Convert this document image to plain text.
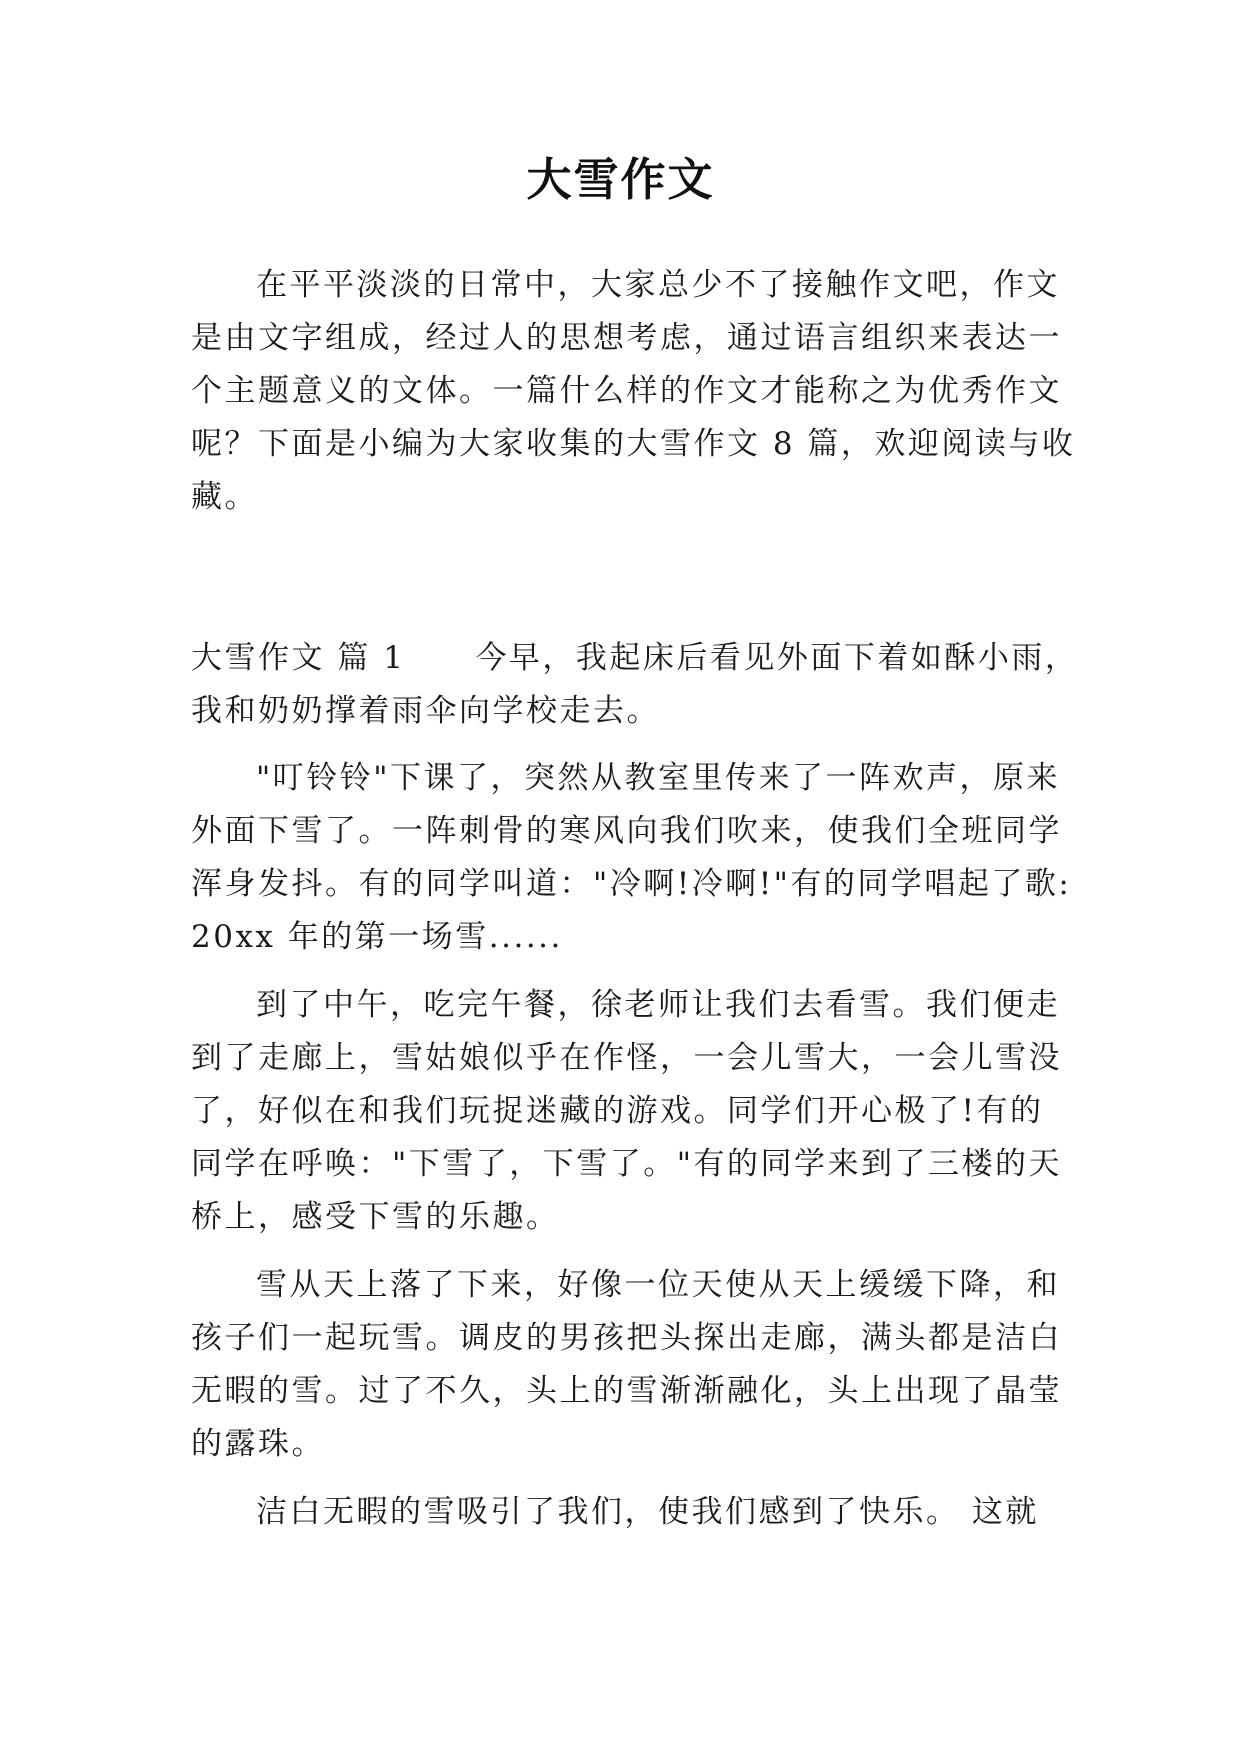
大雪作文
在平平淡淡的日常中，大家总少不了接触作文吧，作文
是由文字组成，经过人的思想考虑，通过语言组织来表达一
个主题意义的文体。一篇什么样的作文才能称之为优秀作文
呢？下面是小编为大家收集的大雪作文 8 篇，欢迎阅读与收
藏。
大雪作文 篇 1 今早，我起床后看见外面下着如酥小雨，
我和奶奶撑着雨伞向学校走去。
"叮铃铃"下课了，突然从教室里传来了一阵欢声，原来
外面下雪了。一阵刺骨的寒风向我们吹来，使我们全班同学
浑身发抖。有的同学叫道："冷啊!冷啊!"有的同学唱起了歌:
20xx 年的第一场雪......
到了中午，吃完午餐，徐老师让我们去看雪。我们便走
到了走廊上，雪姑娘似乎在作怪，一会儿雪大，一会儿雪没
了，好似在和我们玩捉迷藏的游戏。同学们开心极了!有的
同学在呼唤："下雪了，下雪了。"有的同学来到了三楼的天
桥上，感受下雪的乐趣。
雪从天上落了下来，好像一位天使从天上缓缓下降，和
孩子们一起玩雪。调皮的男孩把头探出走廊，满头都是洁白
无暇的雪。过了不久，头上的雪渐渐融化，头上出现了晶莹
的露珠。
洁白无暇的雪吸引了我们，使我们感到了快乐。 这就
